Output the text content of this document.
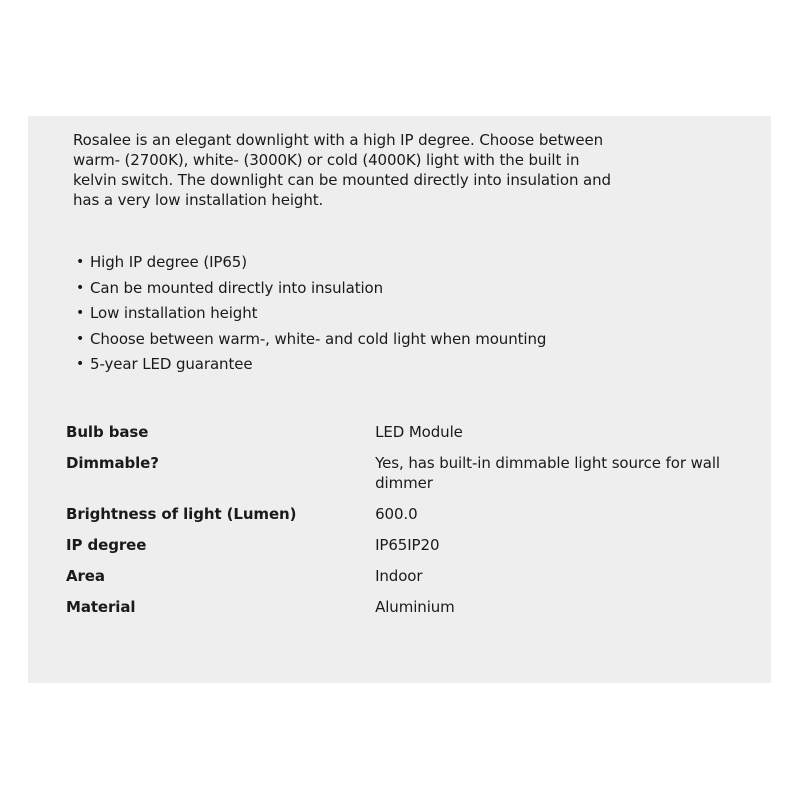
Rosalee is an elegant downlight with a high IP degree. Choose between warm- (2700K), white- (3000K) or cold (4000K) light with the built in kelvin switch. The downlight can be mounted directly into insulation and has a very low installation height.

• High IP degree (IP65)
• Can be mounted directly into insulation
• Low installation height
• Choose between warm-, white- and cold light when mounting
• 5-year LED guarantee
Bulb base	LED Module
Dimmable?	Yes, has built-in dimmable light source for wall dimmer
Brightness of light (Lumen)	600.0
IP degree	IP65IP20
Area	Indoor
Material	Aluminium
